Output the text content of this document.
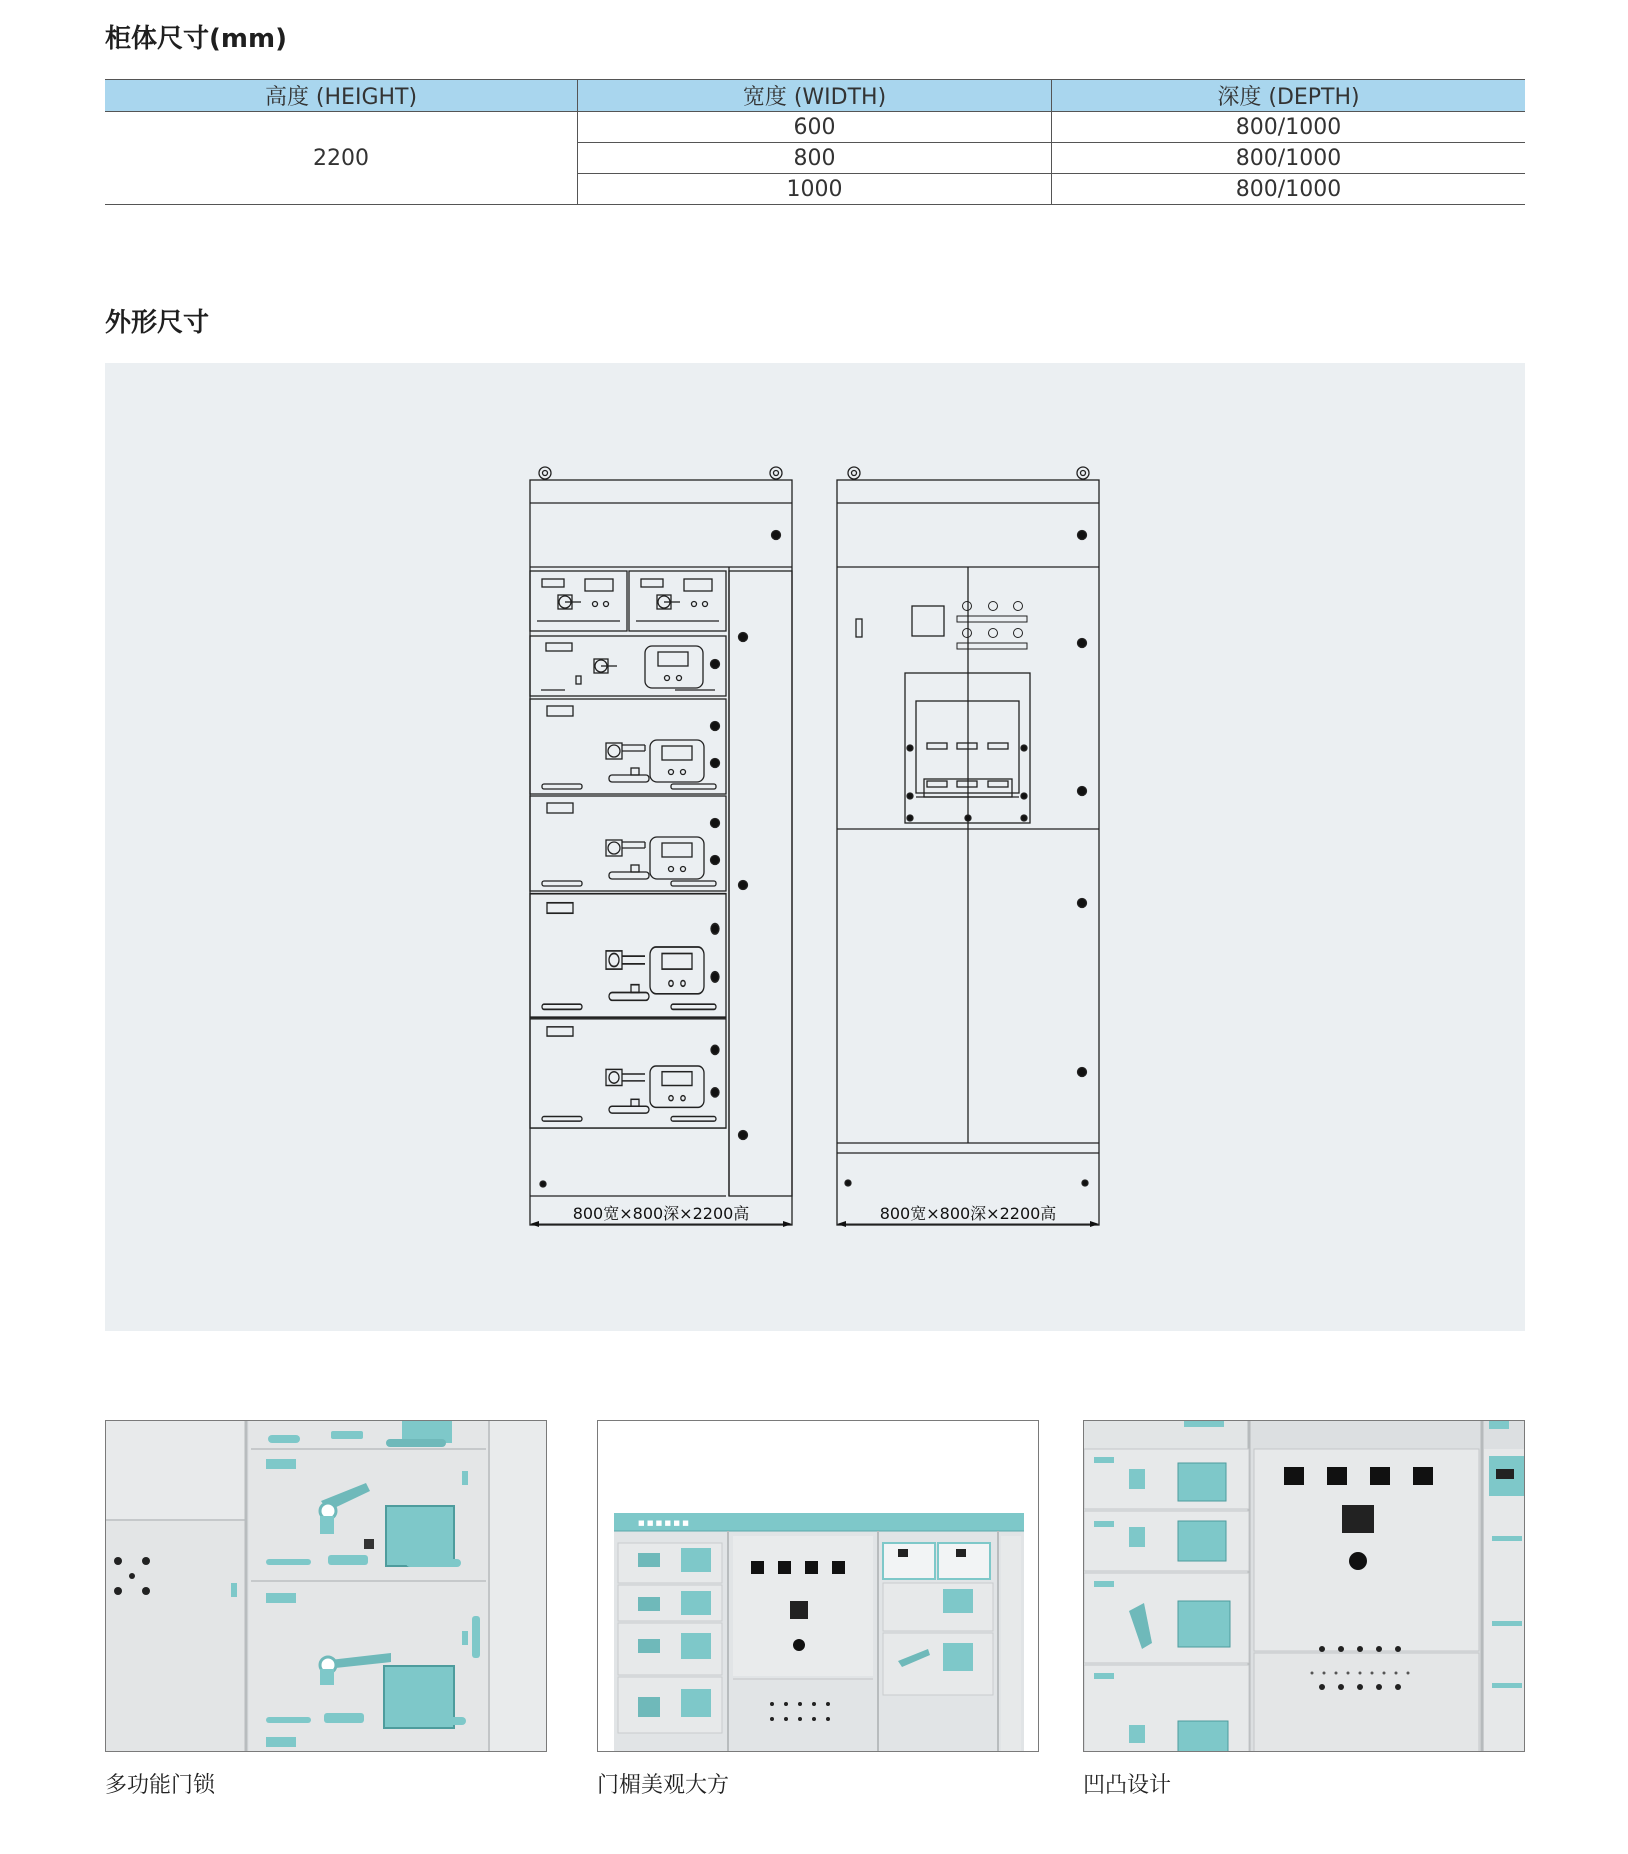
柜体尺寸(mm)
高度 (HEIGHT)	宽度 (WIDTH)	深度 (DEPTH)
2200	600	800/1000
	800	800/1000
	1000	800/1000
外形尺寸
800宽×800深×2200高	800宽×800深×2200高
多功能门锁
■ ■ ■ ■ ■ ■
门楣美观大方	凹凸设计
